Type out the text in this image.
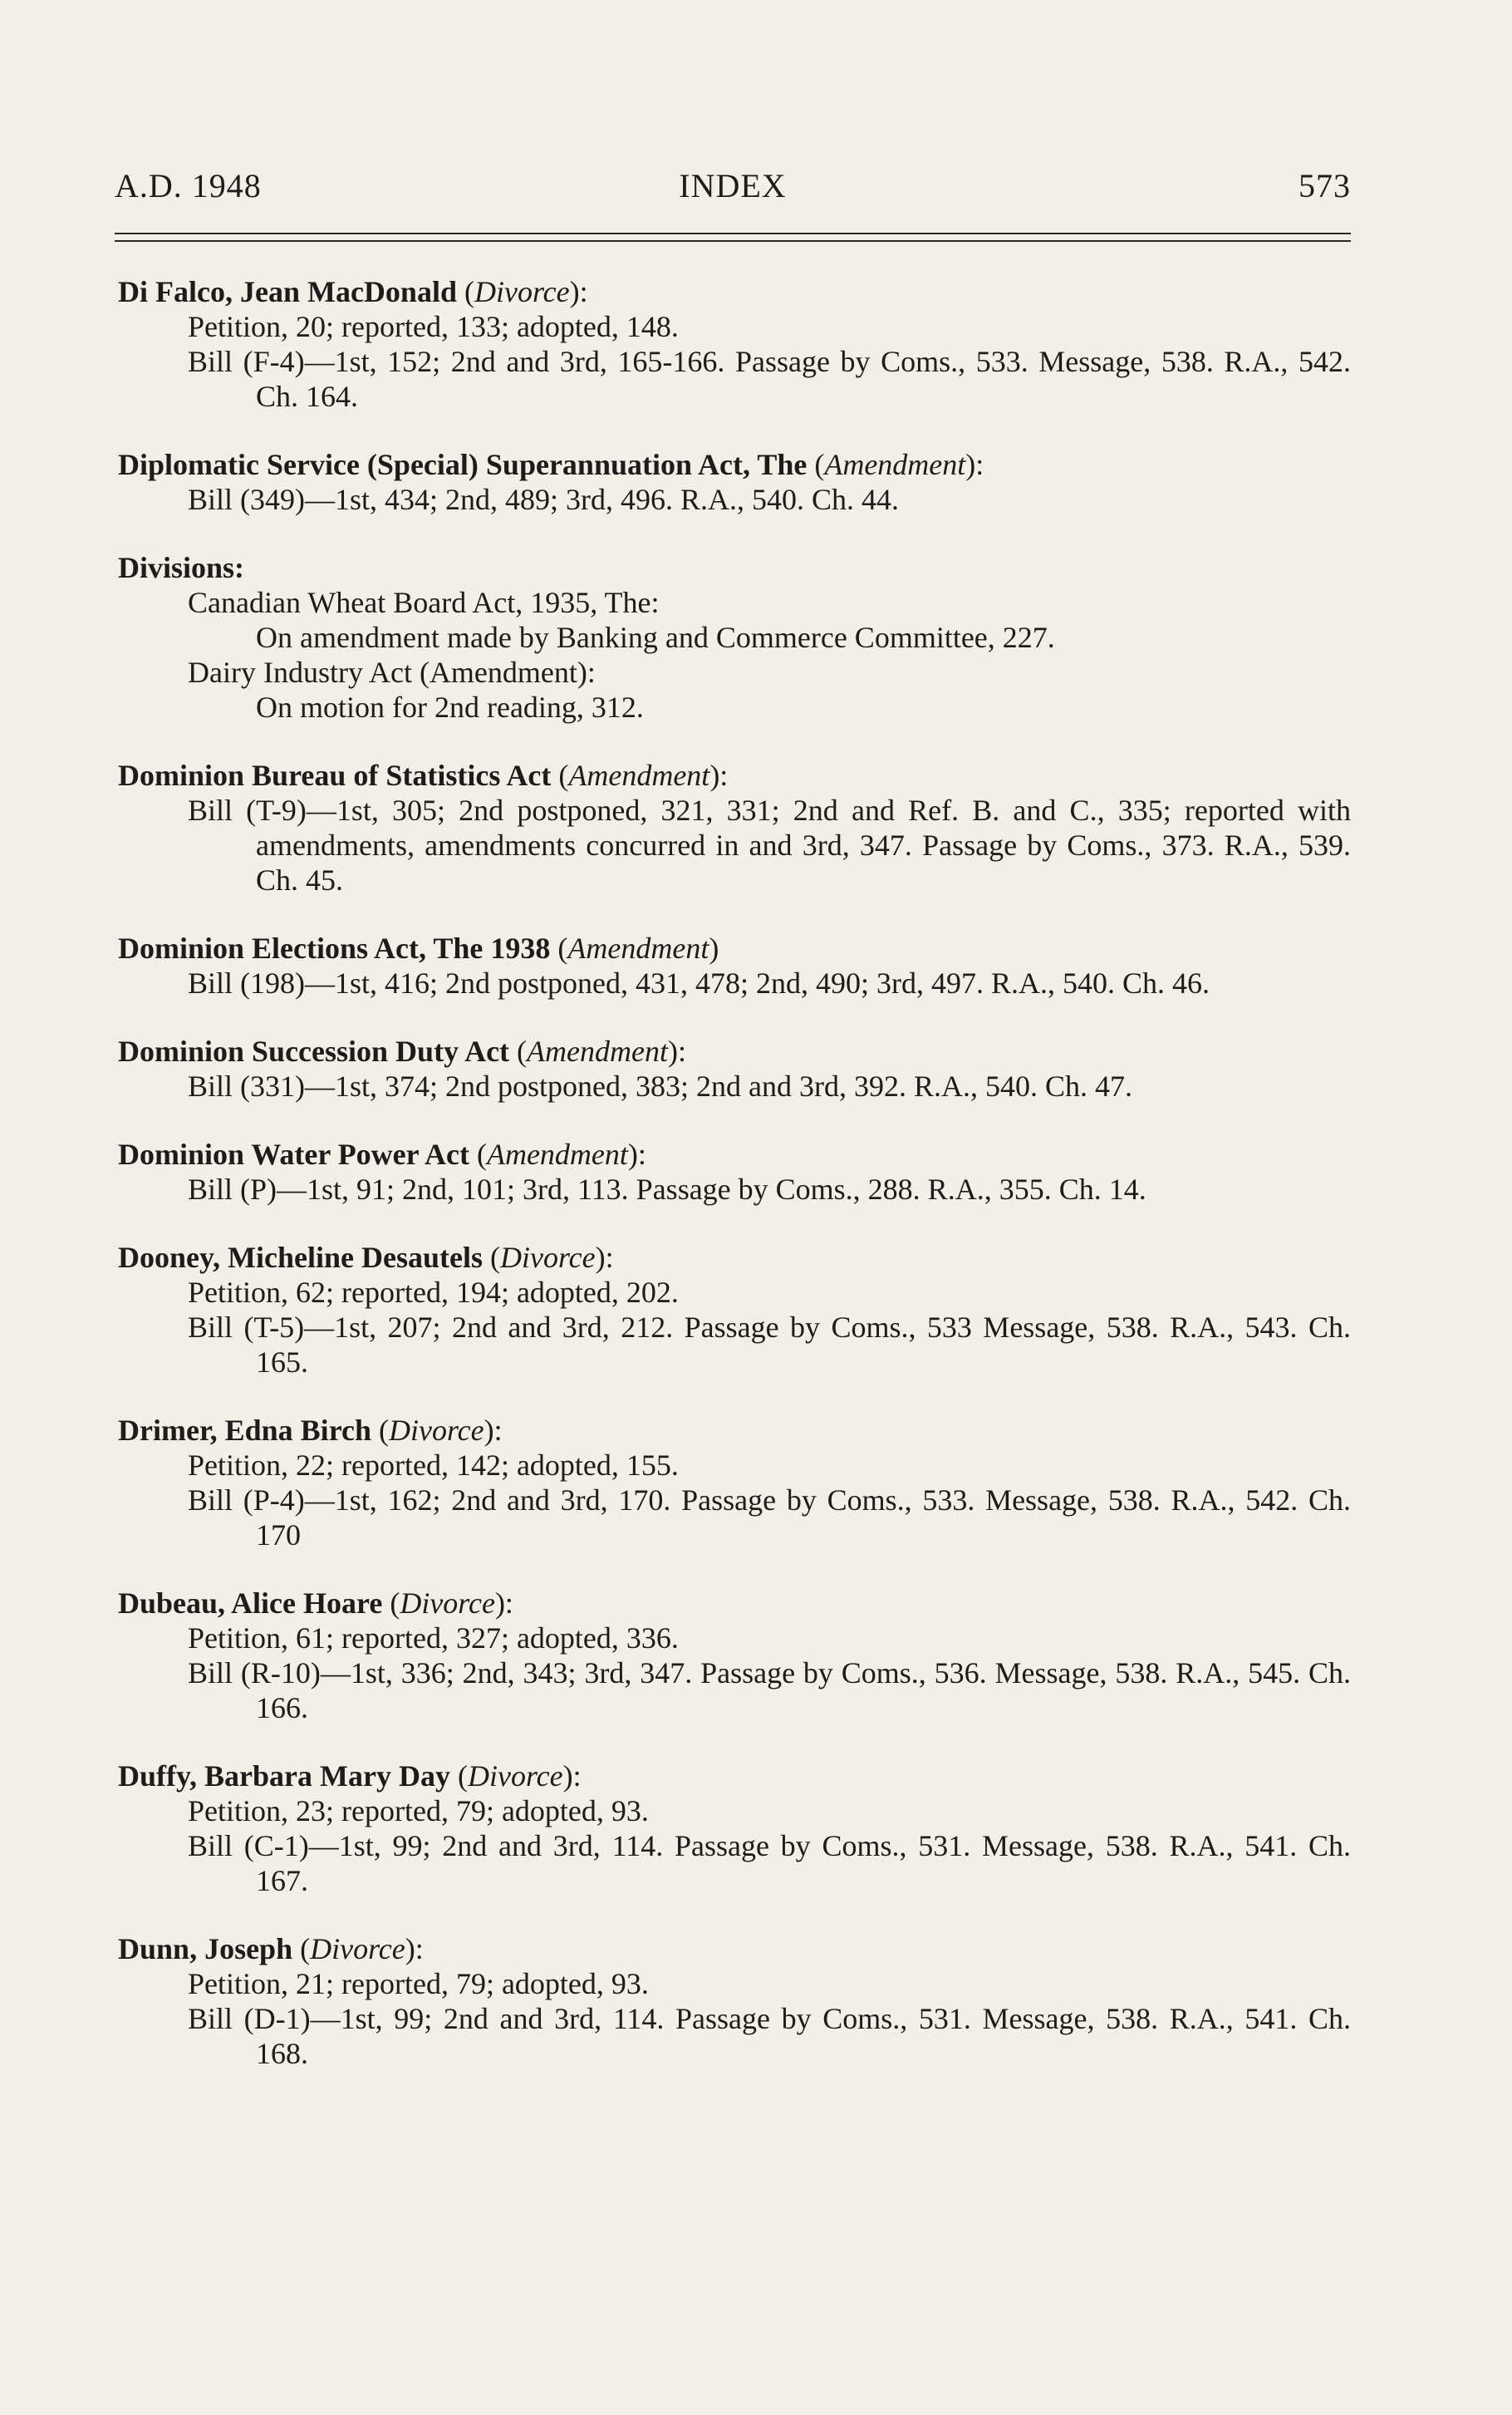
A.D. 1948	INDEX	573
Di Falco, Jean MacDonald (Divorce):
Petition, 20; reported, 133; adopted, 148.
Bill (F-4)—1st, 152; 2nd and 3rd, 165-166. Passage by Coms., 533. Message, 538. R.A., 542. Ch. 164.
Diplomatic Service (Special) Superannuation Act, The (Amendment):
Bill (349)—1st, 434; 2nd, 489; 3rd, 496. R.A., 540. Ch. 44.
Divisions:
Canadian Wheat Board Act, 1935, The:
On amendment made by Banking and Commerce Committee, 227.
Dairy Industry Act (Amendment):
On motion for 2nd reading, 312.
Dominion Bureau of Statistics Act (Amendment):
Bill (T-9)—1st, 305; 2nd postponed, 321, 331; 2nd and Ref. B. and C., 335; reported with amendments, amendments concurred in and 3rd, 347. Passage by Coms., 373. R.A., 539. Ch. 45.
Dominion Elections Act, The 1938 (Amendment)
Bill (198)—1st, 416; 2nd postponed, 431, 478; 2nd, 490; 3rd, 497. R.A., 540. Ch. 46.
Dominion Succession Duty Act (Amendment):
Bill (331)—1st, 374; 2nd postponed, 383; 2nd and 3rd, 392. R.A., 540. Ch. 47.
Dominion Water Power Act (Amendment):
Bill (P)—1st, 91; 2nd, 101; 3rd, 113. Passage by Coms., 288. R.A., 355. Ch. 14.
Dooney, Micheline Desautels (Divorce):
Petition, 62; reported, 194; adopted, 202.
Bill (T-5)—1st, 207; 2nd and 3rd, 212. Passage by Coms., 533 Message, 538. R.A., 543. Ch. 165.
Drimer, Edna Birch (Divorce):
Petition, 22; reported, 142; adopted, 155.
Bill (P-4)—1st, 162; 2nd and 3rd, 170. Passage by Coms., 533. Message, 538. R.A., 542. Ch. 170
Dubeau, Alice Hoare (Divorce):
Petition, 61; reported, 327; adopted, 336.
Bill (R-10)—1st, 336; 2nd, 343; 3rd, 347. Passage by Coms., 536. Message, 538. R.A., 545. Ch. 166.
Duffy, Barbara Mary Day (Divorce):
Petition, 23; reported, 79; adopted, 93.
Bill (C-1)—1st, 99; 2nd and 3rd, 114. Passage by Coms., 531. Message, 538. R.A., 541. Ch. 167.
Dunn, Joseph (Divorce):
Petition, 21; reported, 79; adopted, 93.
Bill (D-1)—1st, 99; 2nd and 3rd, 114. Passage by Coms., 531. Message, 538. R.A., 541. Ch. 168.
